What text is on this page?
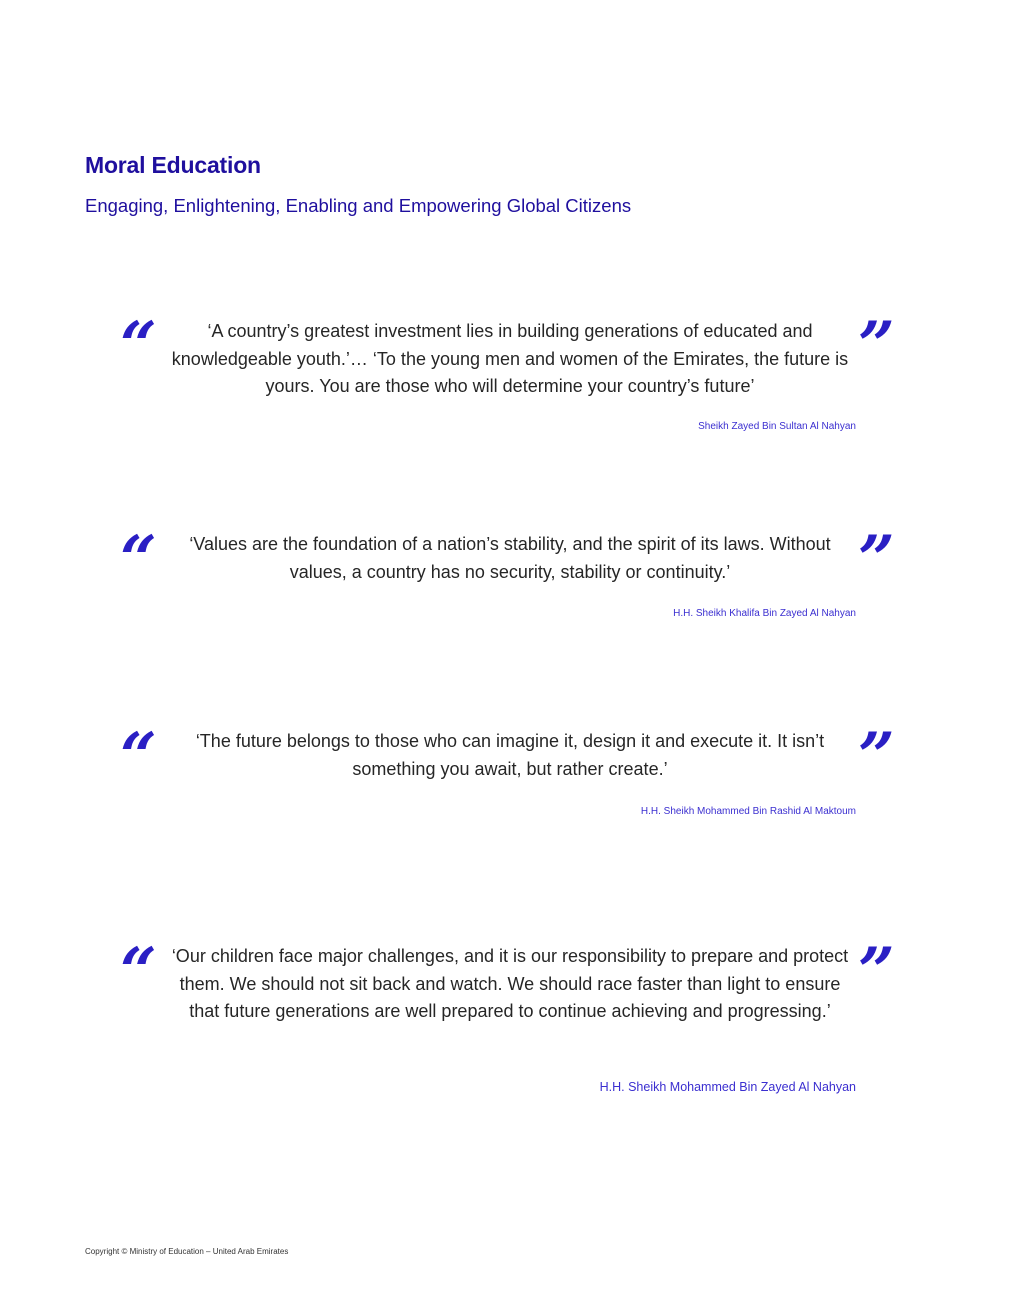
Moral Education

Engaging, Enlightening, Enabling and Empowering Global Citizens

“	‘A country’s greatest investment lies in building generations of educated and knowledgeable youth.’… ‘To the young men and women of the Emirates, the future is yours. You are those who will determine your country’s future’

”

Sheikh Zayed Bin Sultan Al Nahyan

“	‘Values are the foundation of a nation’s stability, and the spirit of its laws. Without values, a country has no security, stability or continuity.’	”

H.H. Sheikh Khalifa Bin Zayed Al Nahyan

“	‘The future belongs to those who can imagine it, design it and execute it. It isn’t something you await, but rather create.’	”

H.H. Sheikh Mohammed Bin Rashid Al Maktoum

“ ‘Our children face major challenges, and it is our responsibility to prepare and protect them. We should not sit back and watch. We should race faster than light to ensure that future generations are well prepared to continue achieving and progressing.’

”

H.H. Sheikh Mohammed Bin Zayed Al Nahyan

Copyright © Ministry of Education – United Arab Emirates
